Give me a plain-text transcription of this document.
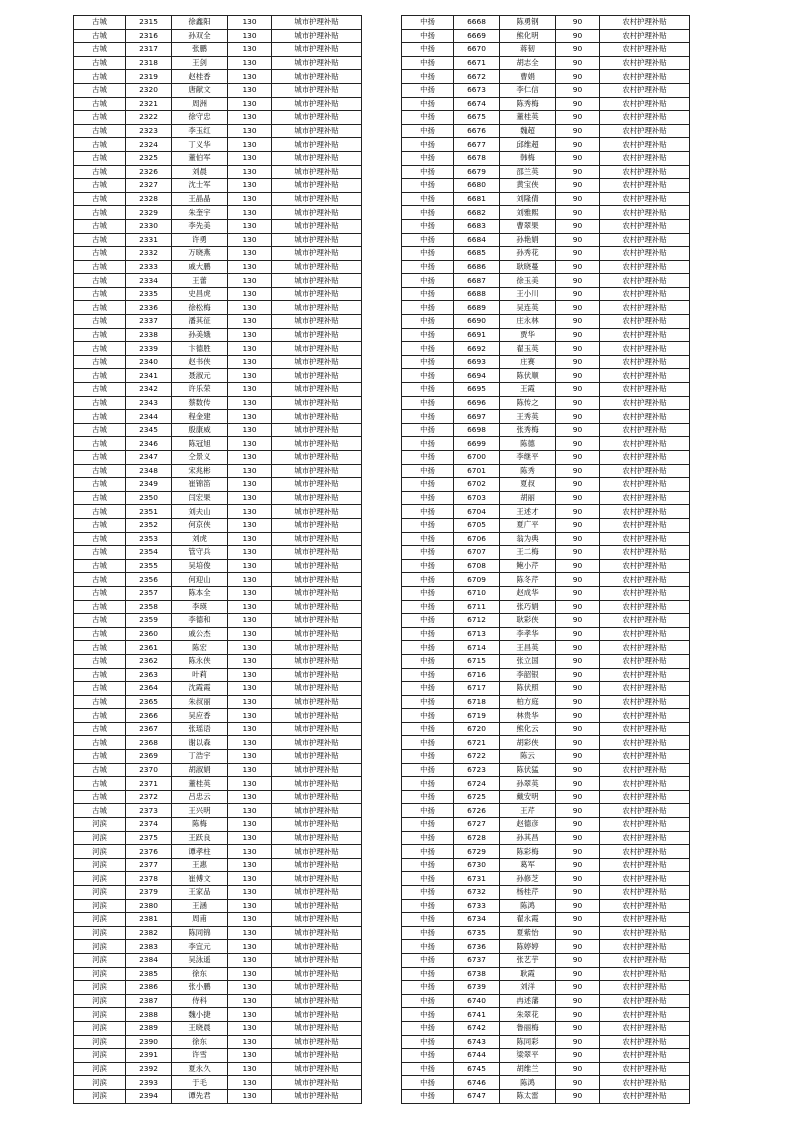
古城	2315	徐鑫阳	130	城市护理补贴
古城	2316	孙双全	130	城市护理补贴
古城	2317	张鹏	130	城市护理补贴
古城	2318	王剑	130	城市护理补贴
古城	2319	赵桂香	130	城市护理补贴
古城	2320	唐献文	130	城市护理补贴
古城	2321	周洲	130	城市护理补贴
古城	2322	徐守忠	130	城市护理补贴
古城	2323	李玉红	130	城市护理补贴
古城	2324	丁义华	130	城市护理补贴
古城	2325	董伯军	130	城市护理补贴
古城	2326	刘晨	130	城市护理补贴
古城	2327	沈士军	130	城市护理补贴
古城	2328	王晶晶	130	城市护理补贴
古城	2329	朱奎宇	130	城市护理补贴
古城	2330	李先美	130	城市护理补贴
古城	2331	许勇	130	城市护理补贴
古城	2332	万晓燕	130	城市护理补贴
古城	2333	戚大鹏	130	城市护理补贴
古城	2334	王蕾	130	城市护理补贴
古城	2335	史昌虎	130	城市护理补贴
古城	2336	徐松梅	130	城市护理补贴
古城	2337	潘其征	130	城市护理补贴
古城	2338	孙美娥	130	城市护理补贴
古城	2339	卞德胜	130	城市护理补贴
古城	2340	赵书侠	130	城市护理补贴
古城	2341	聂淑元	130	城市护理补贴
古城	2342	许乐荣	130	城市护理补贴
古城	2343	蔡数传	130	城市护理补贴
古城	2344	程金建	130	城市护理补贴
古城	2345	殷康威	130	城市护理补贴
古城	2346	陈冠旭	130	城市护理补贴
古城	2347	仝景义	130	城市护理补贴
古城	2348	宋兆彬	130	城市护理补贴
古城	2349	崔锦笛	130	城市护理补贴
古城	2350	闫宏果	130	城市护理补贴
古城	2351	刘夫山	130	城市护理补贴
古城	2352	何京侠	130	城市护理补贴
古城	2353	刘虎	130	城市护理补贴
古城	2354	管守兵	130	城市护理补贴
古城	2355	吴培俊	130	城市护理补贴
古城	2356	何迎山	130	城市护理补贴
古城	2357	陈本全	130	城市护理补贴
古城	2358	李瑛	130	城市护理补贴
古城	2359	李德和	130	城市护理补贴
古城	2360	戚公杰	130	城市护理补贴
古城	2361	陈宏	130	城市护理补贴
古城	2362	陈永侠	130	城市护理补贴
古城	2363	叶莉	130	城市护理补贴
古城	2364	沈霞霞	130	城市护理补贴
古城	2365	朱叔丽	130	城市护理补贴
古城	2366	吴应香	130	城市护理补贴
古城	2367	张瑶语	130	城市护理补贴
古城	2368	谢以森	130	城市护理补贴
古城	2369	丁浩宇	130	城市护理补贴
古城	2370	胡淑娟	130	城市护理补贴
古城	2371	董桂英	130	城市护理补贴
古城	2372	吕忠云	130	城市护理补贴
古城	2373	王兴明	130	城市护理补贴
河滨	2374	陈梅	130	城市护理补贴
河滨	2375	王跃良	130	城市护理补贴
河滨	2376	谭孝柱	130	城市护理补贴
河滨	2377	王惠	130	城市护理补贴
河滨	2378	崔傅文	130	城市护理补贴
河滨	2379	王家品	130	城市护理补贴
河滨	2380	王涵	130	城市护理补贴
河滨	2381	周甫	130	城市护理补贴
河滨	2382	陈同锦	130	城市护理补贴
河滨	2383	李宜元	130	城市护理补贴
河滨	2384	吴泳遥	130	城市护理补贴
河滨	2385	徐东	130	城市护理补贴
河滨	2386	张小鹏	130	城市护理补贴
河滨	2387	侍科	130	城市护理补贴
河滨	2388	魏小捷	130	城市护理补贴
河滨	2389	王晓晨	130	城市护理补贴
河滨	2390	徐东	130	城市护理补贴
河滨	2391	许雪	130	城市护理补贴
河滨	2392	夏永久	130	城市护理补贴
河滨	2393	于毛	130	城市护理补贴
河滨	2394	谭先君	130	城市护理补贴
中扬	6668	陈勇钢	90	农村护理补贴
中扬	6669	熊化明	90	农村护理补贴
中扬	6670	蒋韧	90	农村护理补贴
中扬	6671	胡志全	90	农村护理补贴
中扬	6672	曹娟	90	农村护理补贴
中扬	6673	李仁信	90	农村护理补贴
中扬	6674	陈秀梅	90	农村护理补贴
中扬	6675	董桂英	90	农村护理补贴
中扬	6676	魏超	90	农村护理补贴
中扬	6677	邱维超	90	农村护理补贴
中扬	6678	韩梅	90	农村护理补贴
中扬	6679	邵兰英	90	农村护理补贴
中扬	6680	黄宝侠	90	农村护理补贴
中扬	6681	刘隆倩	90	农村护理补贴
中扬	6682	刘雅熙	90	农村护理补贴
中扬	6683	曹翠果	90	农村护理补贴
中扬	6684	孙艳娟	90	农村护理补贴
中扬	6685	孙秀花	90	农村护理补贴
中扬	6686	耿晓蔓	90	农村护理补贴
中扬	6687	徐玉美	90	农村护理补贴
中扬	6688	王小川	90	农村护理补贴
中扬	6689	吴连英	90	农村护理补贴
中扬	6690	庄永林	90	农村护理补贴
中扬	6691	贾华	90	农村护理补贴
中扬	6692	翟玉英	90	农村护理补贴
中扬	6693	庄赛	90	农村护理补贴
中扬	6694	陈伏顺	90	农村护理补贴
中扬	6695	王霞	90	农村护理补贴
中扬	6696	陈传之	90	农村护理补贴
中扬	6697	王秀英	90	农村护理补贴
中扬	6698	张秀梅	90	农村护理补贴
中扬	6699	陈德	90	农村护理补贴
中扬	6700	李继平	90	农村护理补贴
中扬	6701	陈秀	90	农村护理补贴
中扬	6702	夏叔	90	农村护理补贴
中扬	6703	胡丽	90	农村护理补贴
中扬	6704	王述才	90	农村护理补贴
中扬	6705	夏广平	90	农村护理补贴
中扬	6706	翁为典	90	农村护理补贴
中扬	6707	王二梅	90	农村护理补贴
中扬	6708	鲍小芹	90	农村护理补贴
中扬	6709	陈冬芹	90	农村护理补贴
中扬	6710	赵成华	90	农村护理补贴
中扬	6711	张巧娟	90	农村护理补贴
中扬	6712	耿彩侠	90	农村护理补贴
中扬	6713	李孝华	90	农村护理补贴
中扬	6714	王昌英	90	农村护理补贴
中扬	6715	张立国	90	农村护理补贴
中扬	6716	李韶银	90	农村护理补贴
中扬	6717	陈伏照	90	农村护理补贴
中扬	6718	柏方庭	90	农村护理补贴
中扬	6719	林贵华	90	农村护理补贴
中扬	6720	熊化云	90	农村护理补贴
中扬	6721	胡彩侠	90	农村护理补贴
中扬	6722	陈云	90	农村护理补贴
中扬	6723	陈伏猛	90	农村护理补贴
中扬	6724	孙翠英	90	农村护理补贴
中扬	6725	戴安明	90	农村护理补贴
中扬	6726	王芹	90	农村护理补贴
中扬	6727	赵德彦	90	农村护理补贴
中扬	6728	孙其昌	90	农村护理补贴
中扬	6729	陈彩梅	90	农村护理补贴
中扬	6730	葛军	90	农村护理补贴
中扬	6731	孙修芝	90	农村护理补贴
中扬	6732	杨桂芹	90	农村护理补贴
中扬	6733	陈鸿	90	农村护理补贴
中扬	6734	翟永霞	90	农村护理补贴
中扬	6735	夏紫怡	90	农村护理补贴
中扬	6736	陈婷婷	90	农村护理补贴
中扬	6737	张艺芋	90	农村护理补贴
中扬	6738	耿霞	90	农村护理补贴
中扬	6739	刘洋	90	农村护理补贴
中扬	6740	冉述藩	90	农村护理补贴
中扬	6741	朱翠花	90	农村护理补贴
中扬	6742	鲁丽梅	90	农村护理补贴
中扬	6743	陈同彩	90	农村护理补贴
中扬	6744	梁翠平	90	农村护理补贴
中扬	6745	胡维兰	90	农村护理补贴
中扬	6746	陈鸿	90	农村护理补贴
中扬	6747	陈太雷	90	农村护理补贴
